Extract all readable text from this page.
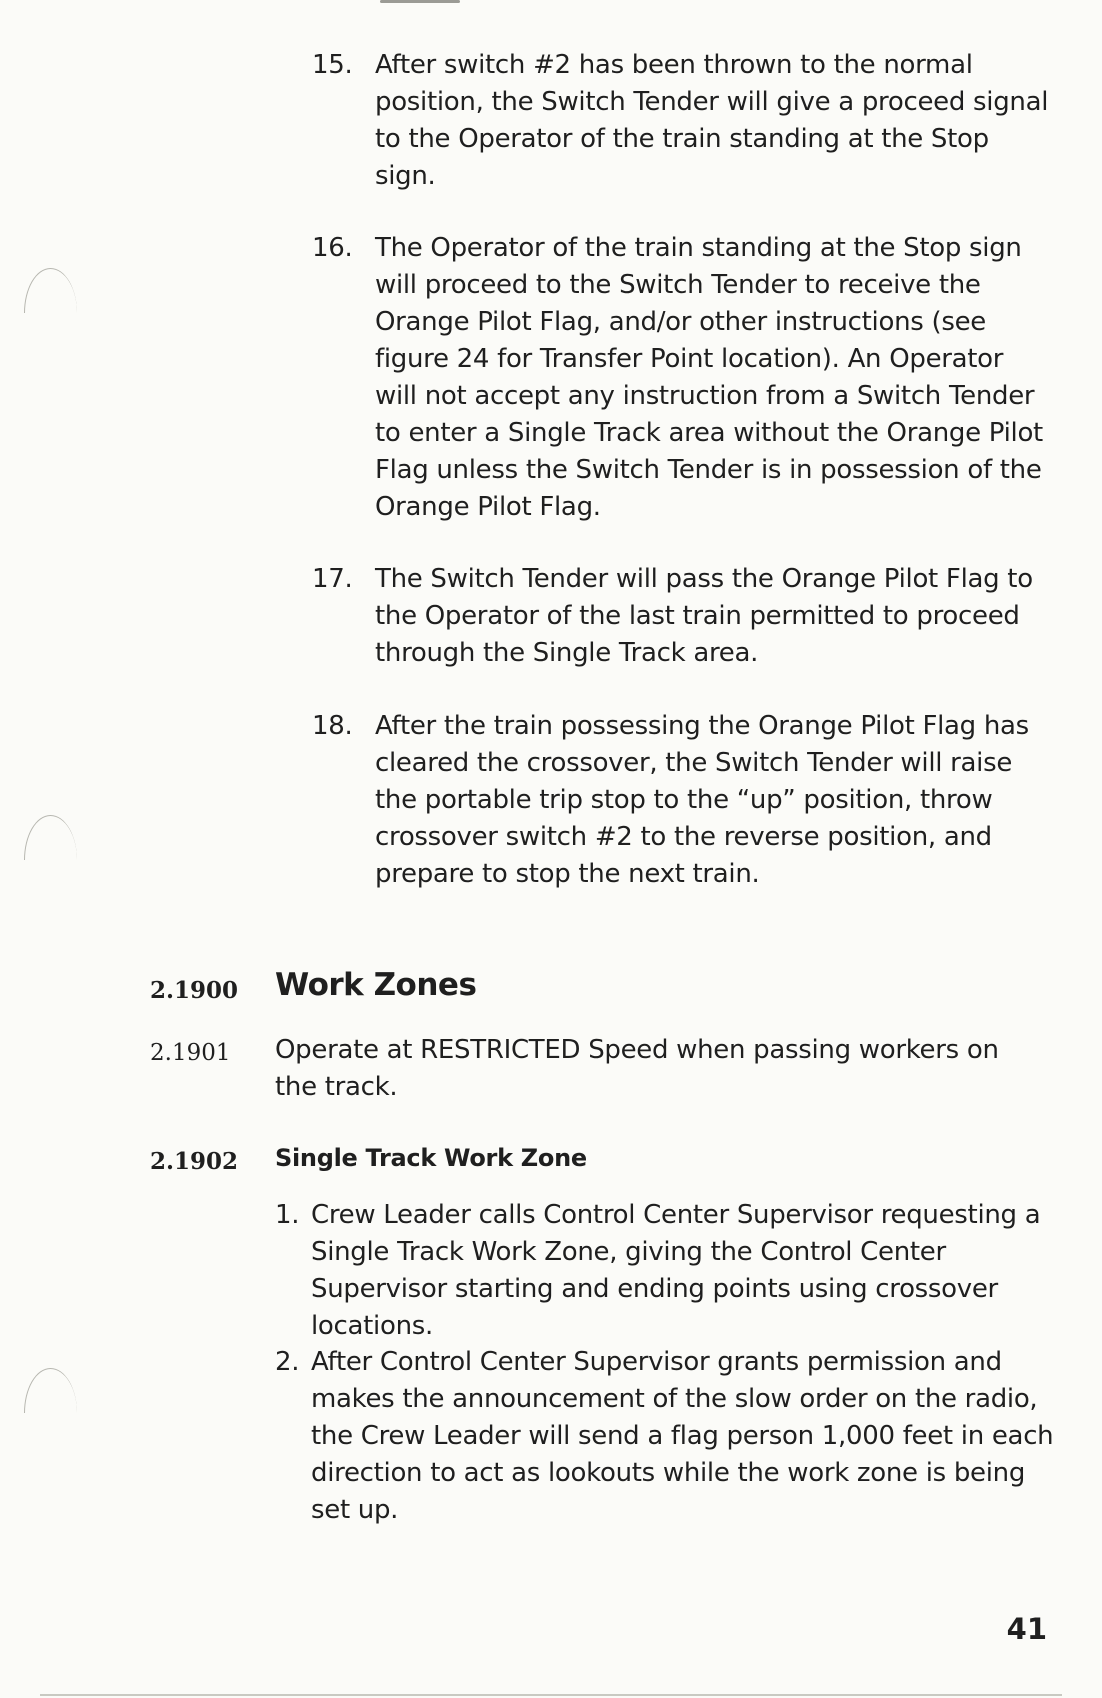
15. After switch #2 has been thrown to the normal position, the Switch Tender will give a proceed signal to the Operator of the train standing at the Stop sign.
16. The Operator of the train standing at the Stop sign will proceed to the Switch Tender to receive the Orange Pilot Flag, and/or other instructions (see figure 24 for Transfer Point location). An Operator will not accept any instruction from a Switch Tender to enter a Single Track area without the Orange Pilot Flag unless the Switch Tender is in possession of the Orange Pilot Flag.
17. The Switch Tender will pass the Orange Pilot Flag to the Operator of the last train permitted to proceed through the Single Track area.
18. After the train possessing the Orange Pilot Flag has cleared the crossover, the Switch Tender will raise the portable trip stop to the “up” position, throw crossover switch #2 to the reverse position, and prepare to stop the next train.
2.1900 Work Zones
2.1901 Operate at RESTRICTED Speed when passing workers on the track.
2.1902 Single Track Work Zone
1. Crew Leader calls Control Center Supervisor requesting a Single Track Work Zone, giving the Control Center Supervisor starting and ending points using crossover locations.
2. After Control Center Supervisor grants permission and makes the announcement of the slow order on the radio, the Crew Leader will send a flag person 1,000 feet in each direction to act as lookouts while the work zone is being set up.
41
